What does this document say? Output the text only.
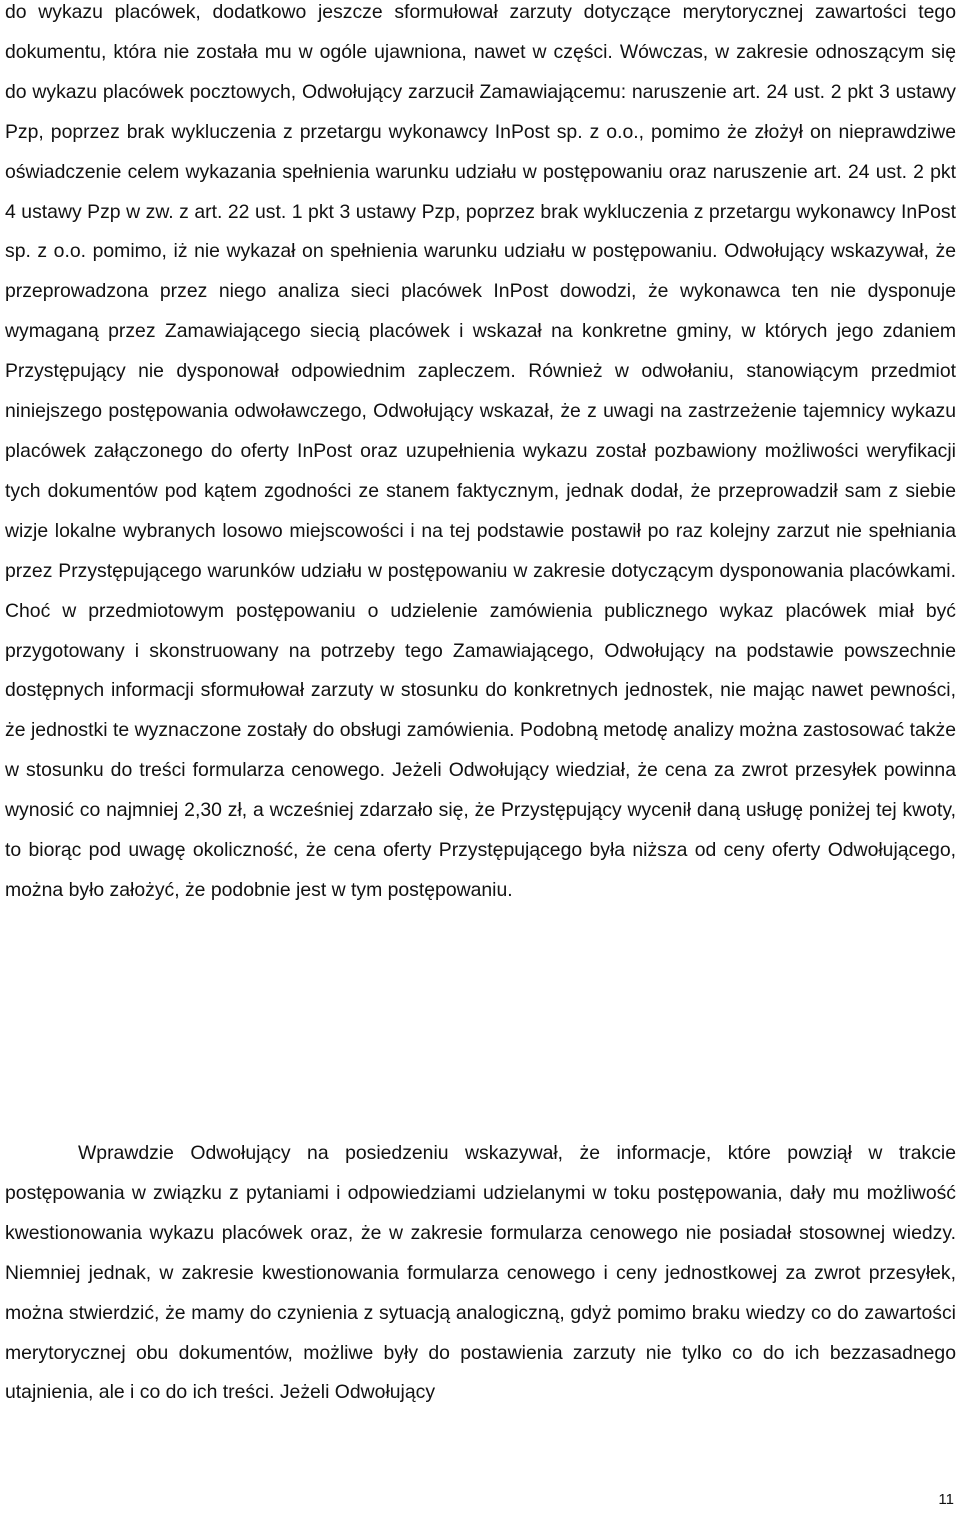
do wykazu placówek, dodatkowo jeszcze sformułował zarzuty dotyczące merytorycznej zawartości tego dokumentu, która nie została mu w ogóle ujawniona, nawet w części. Wówczas, w zakresie odnoszącym się do wykazu placówek pocztowych, Odwołujący zarzucił Zamawiającemu: naruszenie art. 24 ust. 2 pkt 3 ustawy Pzp, poprzez brak wykluczenia z przetargu wykonawcy InPost sp. z o.o., pomimo że złożył on nieprawdziwe oświadczenie celem wykazania spełnienia warunku udziału w postępowaniu oraz naruszenie art. 24 ust. 2 pkt 4 ustawy Pzp w zw. z art. 22 ust. 1 pkt 3 ustawy Pzp, poprzez brak wykluczenia z przetargu wykonawcy InPost sp. z o.o. pomimo, iż nie wykazał on spełnienia warunku udziału w postępowaniu. Odwołujący wskazywał, że przeprowadzona przez niego analiza sieci placówek InPost dowodzi, że wykonawca ten nie dysponuje wymaganą przez Zamawiającego siecią placówek i wskazał na konkretne gminy, w których jego zdaniem Przystępujący nie dysponował odpowiednim zapleczem. Również w odwołaniu, stanowiącym przedmiot niniejszego postępowania odwoławczego, Odwołujący wskazał, że z uwagi na zastrzeżenie tajemnicy wykazu placówek załączonego do oferty InPost oraz uzupełnienia wykazu został pozbawiony możliwości weryfikacji tych dokumentów pod kątem zgodności ze stanem faktycznym, jednak dodał, że przeprowadził sam z siebie wizje lokalne wybranych losowo miejscowości i na tej podstawie postawił po raz kolejny zarzut nie spełniania przez Przystępującego warunków udziału w postępowaniu w zakresie dotyczącym dysponowania placówkami. Choć w przedmiotowym postępowaniu o udzielenie zamówienia publicznego wykaz placówek miał być przygotowany i skonstruowany na potrzeby tego Zamawiającego, Odwołujący na podstawie powszechnie dostępnych informacji sformułował zarzuty w stosunku do konkretnych jednostek, nie mając nawet pewności, że jednostki te wyznaczone zostały do obsługi zamówienia. Podobną metodę analizy można zastosować także w stosunku do treści formularza cenowego. Jeżeli Odwołujący wiedział, że cena za zwrot przesyłek powinna wynosić co najmniej 2,30 zł, a wcześniej zdarzało się, że Przystępujący wycenił daną usługę poniżej tej kwoty, to biorąc pod uwagę okoliczność, że cena oferty Przystępującego była niższa od ceny oferty Odwołującego, można było założyć, że podobnie jest w tym postępowaniu.

Wprawdzie Odwołujący na posiedzeniu wskazywał, że informacje, które powziął w trakcie postępowania w związku z pytaniami i odpowiedziami udzielanymi w toku postępowania, dały mu możliwość kwestionowania wykazu placówek oraz, że w zakresie formularza cenowego nie posiadał stosownej wiedzy. Niemniej jednak, w zakresie kwestionowania formularza cenowego i ceny jednostkowej za zwrot przesyłek, można stwierdzić, że mamy do czynienia z sytuacją analogiczną, gdyż pomimo braku wiedzy co do zawartości merytorycznej obu dokumentów, możliwe były do postawienia zarzuty nie tylko co do ich bezzasadnego utajnienia, ale i co do ich treści. Jeżeli Odwołujący

11
